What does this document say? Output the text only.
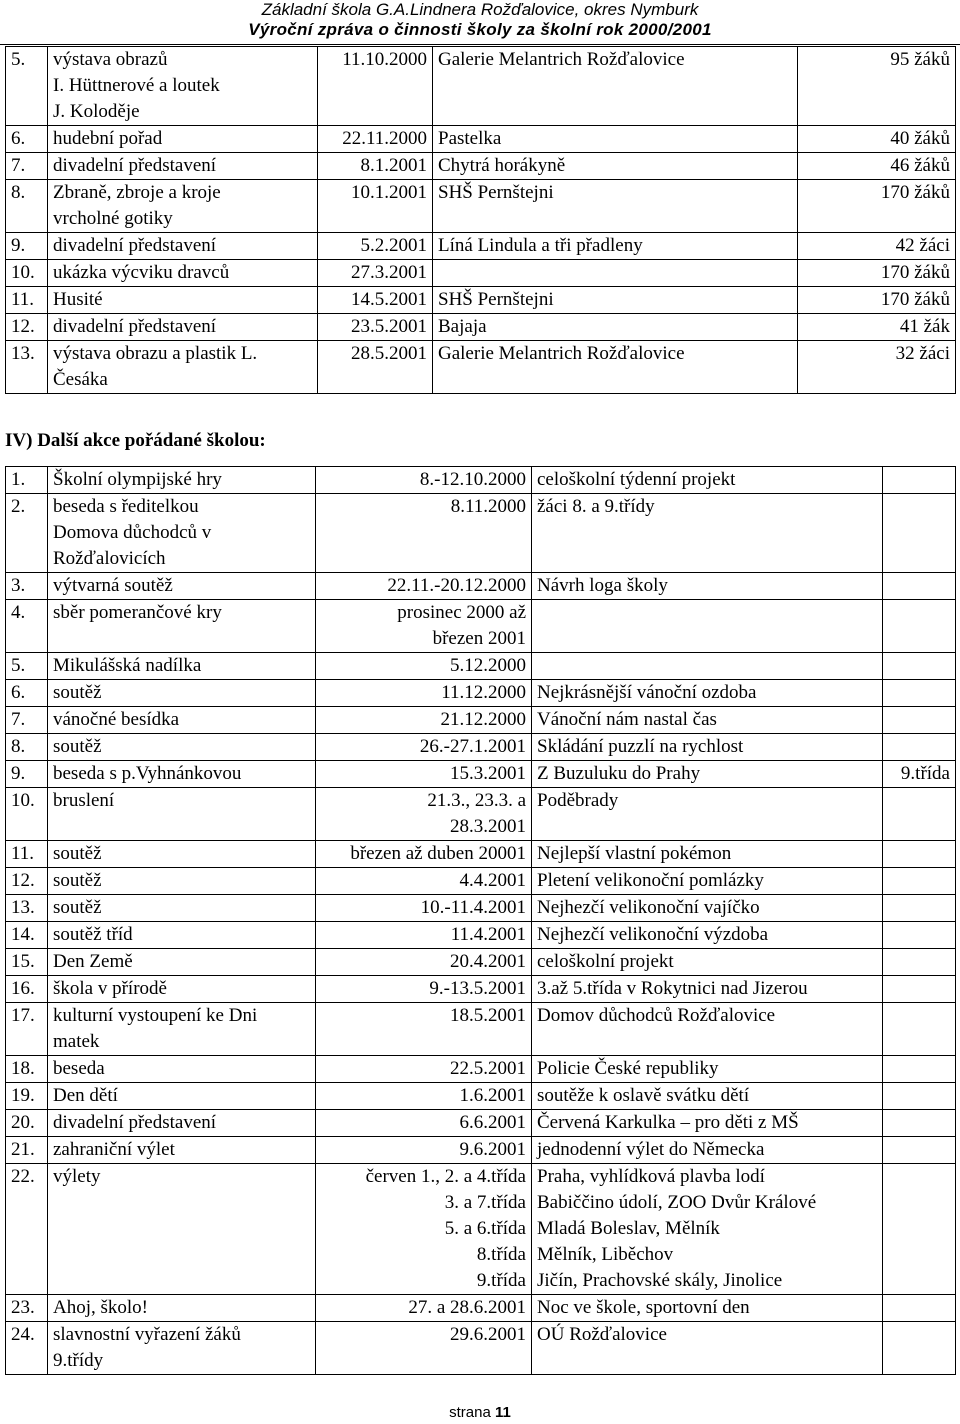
Základní škola G.A.Lindnera Rožďalovice, okres Nymburk
Výroční zpráva o činnosti školy za školní rok 2000/2001
5.	výstava obrazů
I. Hüttnerové a loutek
J. Koloděje	11.10.2000	Galerie Melantrich Rožďalovice	95 žáků
6.	hudební pořad	22.11.2000	Pastelka	40 žáků
7.	divadelní představení	8.1.2001	Chytrá horákyně	46 žáků
8.	Zbraně, zbroje a kroje
vrcholné gotiky	10.1.2001	SHŠ Pernštejni	170 žáků
9.	divadelní představení	5.2.2001	Líná Lindula a tři přadleny	42 žáci
10.	ukázka výcviku dravců	27.3.2001		170 žáků
11.	Husité	14.5.2001	SHŠ Pernštejni	170 žáků
12.	divadelní představení	23.5.2001	Bajaja	41 žák
13.	výstava obrazu a plastik L.
Česáka	28.5.2001	Galerie Melantrich Rožďalovice	32 žáci
IV) Další akce pořádané školou:
1.	Školní olympijské hry	8.-12.10.2000	celoškolní týdenní projekt	

2.	beseda s ředitelkou
Domova důchodců v
Rožďalovicích	8.11.2000	žáci 8. a 9.třídy	

3.	výtvarná soutěž	22.11.-20.12.2000	Návrh loga školy	

4.	sběr pomerančové kry	prosinec 2000 až
březen 2001		

5.	Mikulášská nadílka	5.12.2000		

6.	soutěž	11.12.2000	Nejkrásnější vánoční ozdoba	

7.	vánočné besídka	21.12.2000	Vánoční nám nastal čas	

8.	soutěž	26.-27.1.2001	Skládání puzzlí na rychlost	

9.	beseda s p.Vyhnánkovou	15.3.2001	Z Buzuluku do Prahy	9.třída
10.	bruslení	21.3., 23.3. a
28.3.2001	Poděbrady	

11.	soutěž	březen až duben 20001	Nejlepší vlastní pokémon	

12.	soutěž	4.4.2001	Pletení velikonoční pomlázky	

13.	soutěž	10.-11.4.2001	Nejhezčí velikonoční vajíčko	

14.	soutěž tříd	11.4.2001	Nejhezčí velikonoční výzdoba	

15.	Den Země	20.4.2001	celoškolní projekt	

16.	škola v přírodě	9.-13.5.2001	3.až 5.třída v Rokytnici nad Jizerou	

17.	kulturní vystoupení ke Dni
matek	18.5.2001	Domov důchodců Rožďalovice	

18.	beseda	22.5.2001	Policie České republiky	

19.	Den dětí	1.6.2001	soutěže k oslavě svátku dětí	

20.	divadelní představení	6.6.2001	Červená Karkulka – pro děti z MŠ	

21.	zahraniční výlet	9.6.2001	jednodenní výlet do Německa	

22.	výlety	červen 1., 2. a 4.třída
3. a 7.třída
5. a 6.třída
8.třída
9.třída	Praha, vyhlídková plavba lodí
Babiččino údolí, ZOO Dvůr Králové
Mladá Boleslav, Mělník
Mělník, Liběchov
Jičín, Prachovské skály, Jinolice	

23.	Ahoj, školo!	27. a 28.6.2001	Noc ve škole, sportovní den	

24.	slavnostní vyřazení žáků
9.třídy	29.6.2001	OÚ Rožďalovice	

strana 11
